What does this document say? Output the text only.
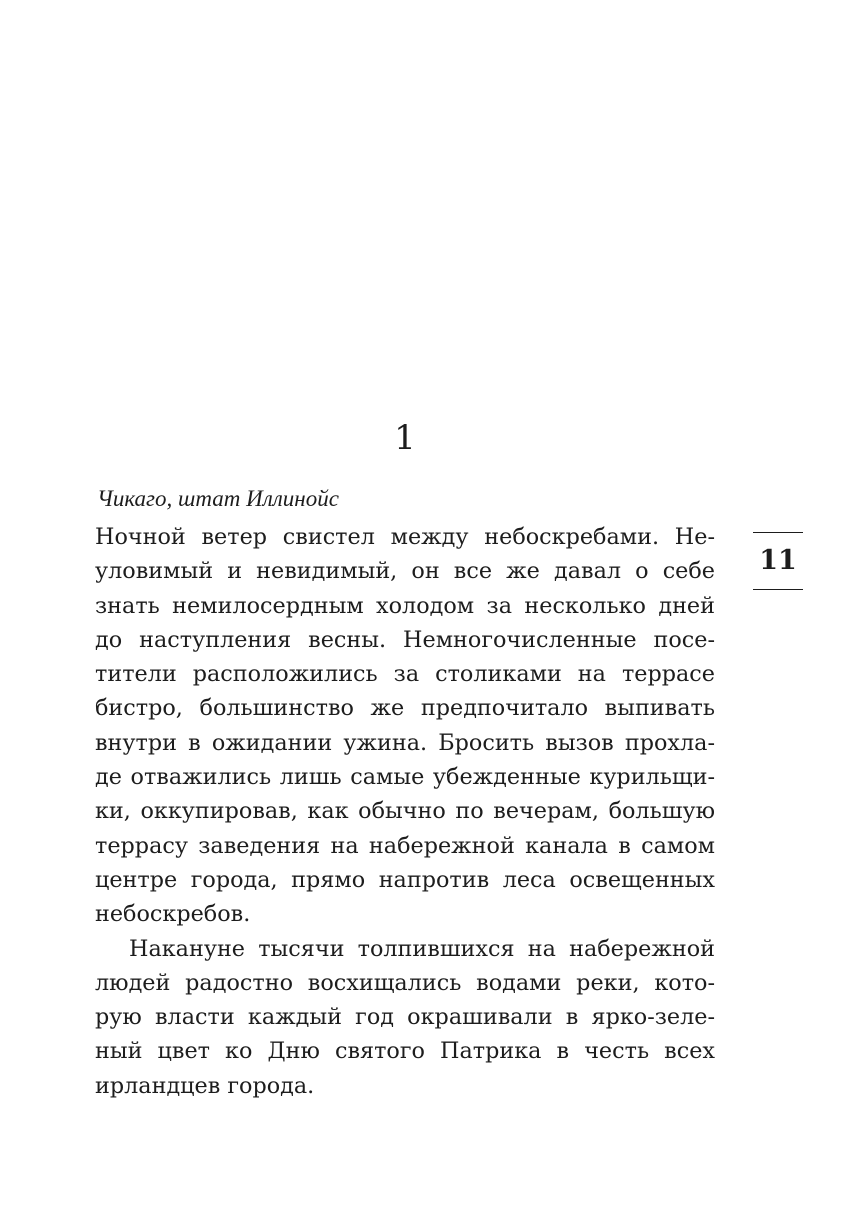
1
Чикаго, штат Иллинойс
Ночной ветер свистел между небоскребами. Не-
уловимый и невидимый, он все же давал о себе
знать немилосердным холодом за несколько дней
до наступления весны. Немногочисленные посе-
тители расположились за столиками на террасе
бистро, большинство же предпочитало выпивать
внутри в ожидании ужина. Бросить вызов прохла-
де отважились лишь самые убежденные курильщи-
ки, оккупировав, как обычно по вечерам, большую
террасу заведения на набережной канала в самом
центре города, прямо напротив леса освещенных
небоскребов.
Накануне тысячи толпившихся на набережной
людей радостно восхищались водами реки, кото-
рую власти каждый год окрашивали в ярко-зеле-
ный цвет ко Дню святого Патрика в честь всех
ирландцев города.
11
